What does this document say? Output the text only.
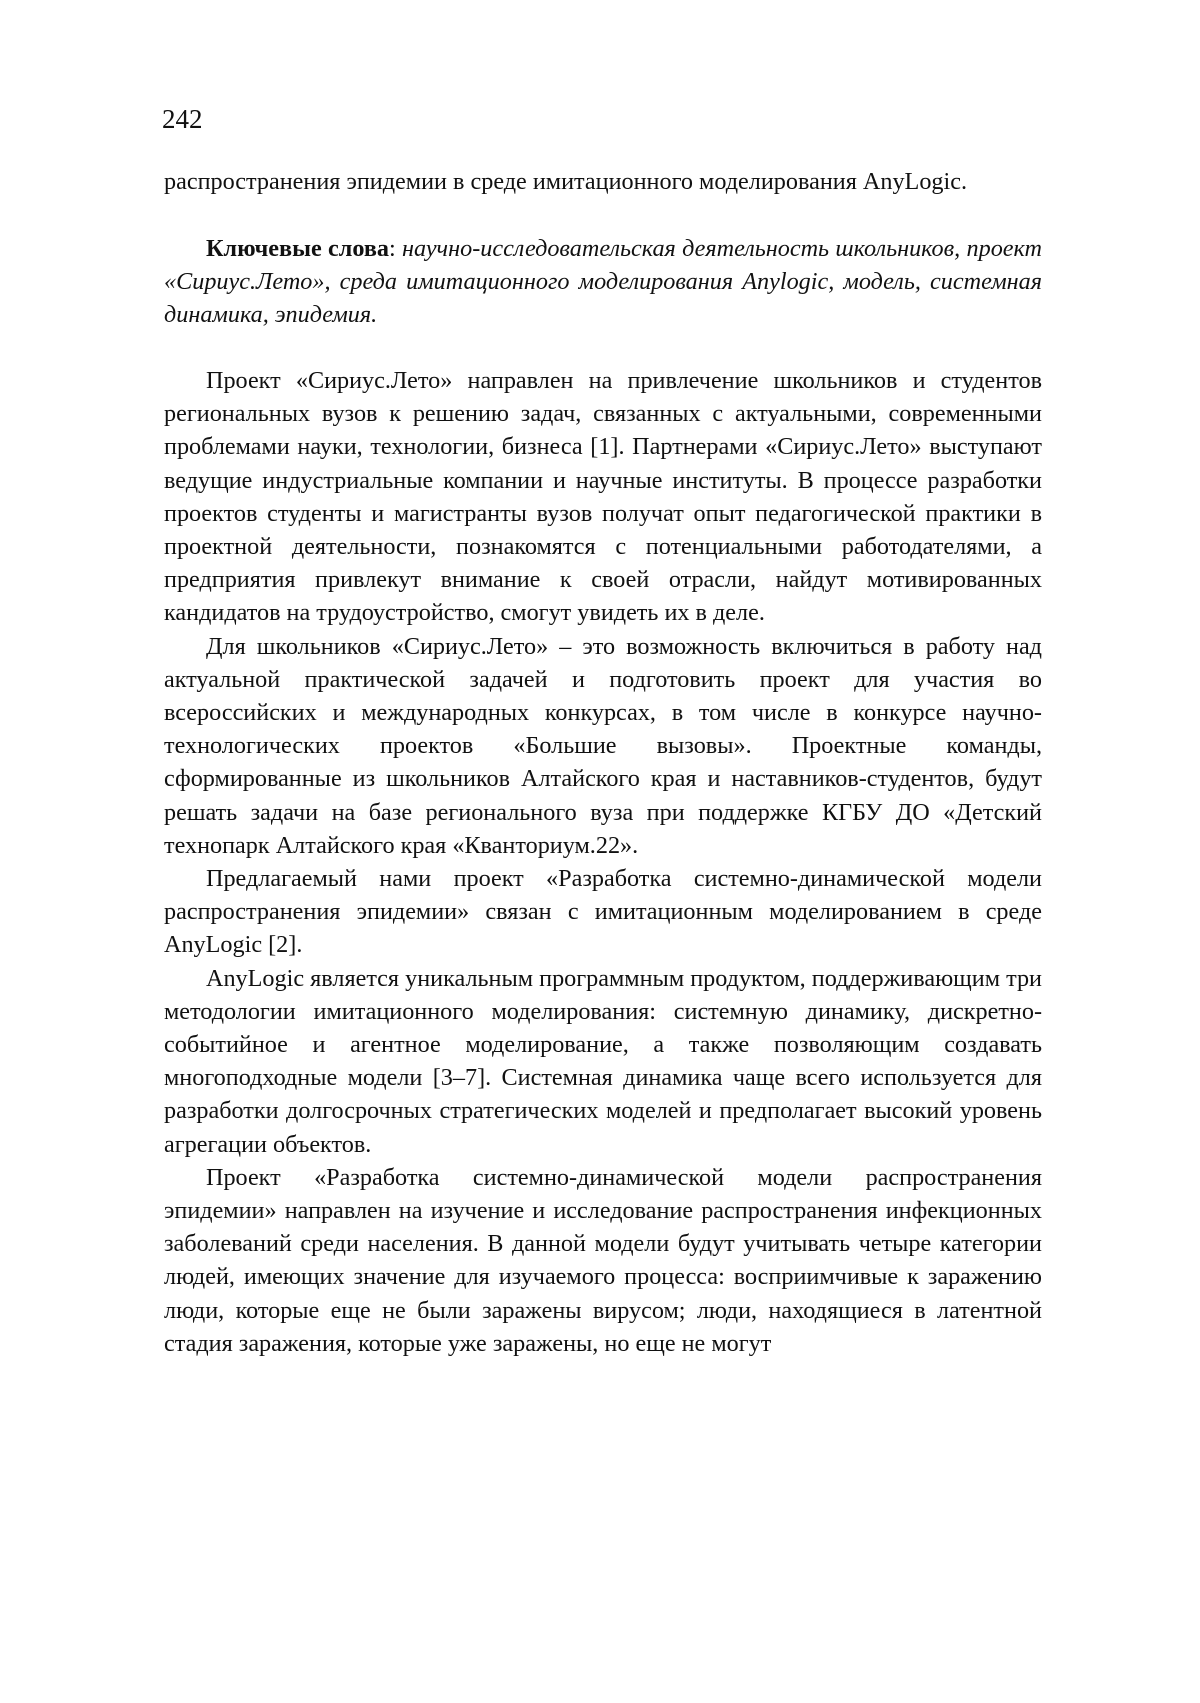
242
распространения эпидемии в среде имитационного моделирования AnyLogic.
Ключевые слова: научно-исследовательская деятельность школьников, проект «Сириус.Лето», среда имитационного моделирования Anylogic, модель, системная динамика, эпидемия.

Проект «Сириус.Лето» направлен на привлечение школьников и студентов региональных вузов к решению задач, связанных с актуальными, современными проблемами науки, технологии, бизнеса [1]. Партнерами «Сириус.Лето» выступают ведущие индустриальные компании и научные институты. В процессе разработки проектов студенты и магистранты вузов получат опыт педагогической практики в проектной деятельности, познакомятся с потенциальными работодателями, а предприятия привлекут внимание к своей отрасли, найдут мотивированных кандидатов на трудоустройство, смогут увидеть их в деле.

Для школьников «Сириус.Лето» – это возможность включиться в работу над актуальной практической задачей и подготовить проект для участия во всероссийских и международных конкурсах, в том числе в конкурсе научно-технологических проектов «Большие вызовы». Проектные команды, сформированные из школьников Алтайского края и наставников-студентов, будут решать задачи на базе регионального вуза при поддержке КГБУ ДО «Детский технопарк Алтайского края «Кванториум.22».

Предлагаемый нами проект «Разработка системно-динамической модели распространения эпидемии» связан с имитационным моделированием в среде AnyLogic [2].

AnyLogic является уникальным программным продуктом, поддерживающим три методологии имитационного моделирования: системную динамику, дискретно-событийное и агентное моделирование, а также позволяющим создавать многоподходные модели [3–7]. Системная динамика чаще всего используется для разработки долгосрочных стратегических моделей и предполагает высокий уровень агрегации объектов.

Проект «Разработка системно-динамической модели распространения эпидемии» направлен на изучение и исследование распространения инфекционных заболеваний среди населения. В данной модели будут учитывать четыре категории людей, имеющих значение для изучаемого процесса: восприимчивые к заражению люди, которые еще не были заражены вирусом; люди, находящиеся в латентной стадия заражения, которые уже заражены, но еще не могут
